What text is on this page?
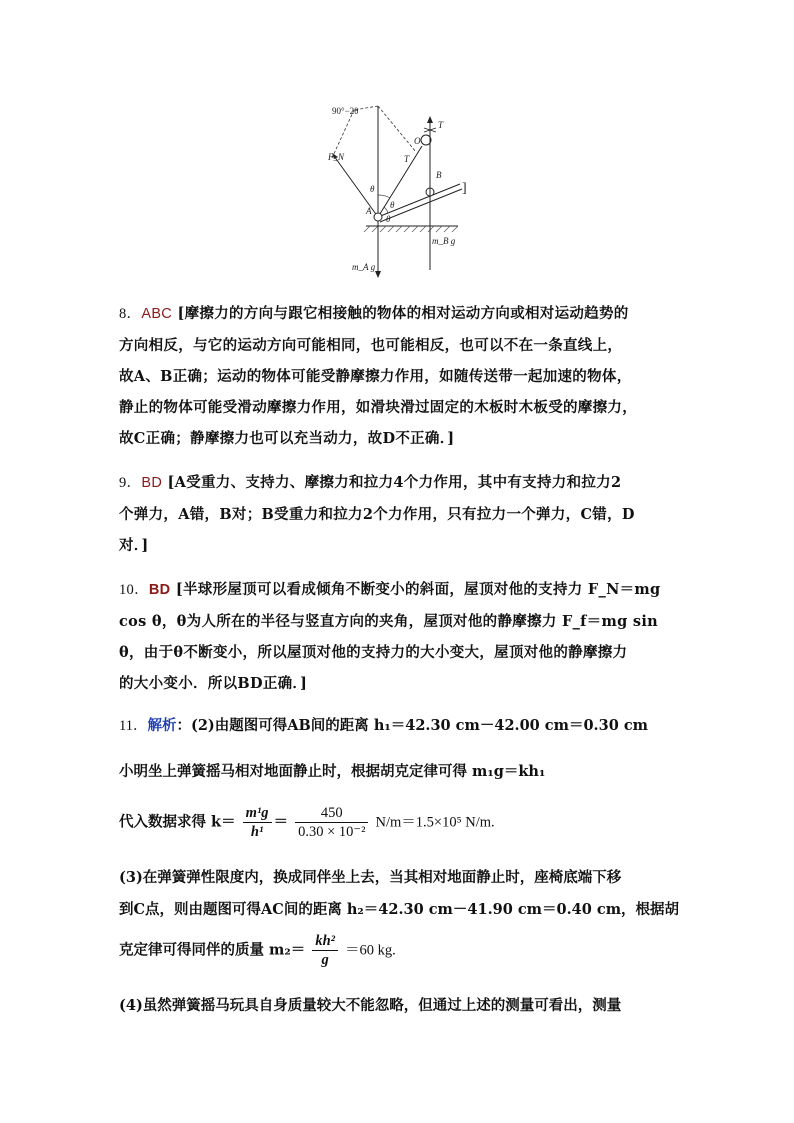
90°−2θ
F_N
T
T
O
B
A
θ
θ
θ
m_A g
m_B g
]
8．ABC [摩擦力的方向与跟它相接触的物体的相对运动方向或相对运动趋势的
方向相反，与它的运动方向可能相同，也可能相反，也可以不在一条直线上，
故A、B正确；运动的物体可能受静摩擦力作用，如随传送带一起加速的物体，
静止的物体可能受滑动摩擦力作用，如滑块滑过固定的木板时木板受的摩擦力，
故C正确；静摩擦力也可以充当动力，故D不正确．]
9．BD [A受重力、支持力、摩擦力和拉力4个力作用，其中有支持力和拉力2
个弹力，A错，B对；B受重力和拉力2个力作用，只有拉力一个弹力，C错，D
对．]
10．BD [半球形屋顶可以看成倾角不断变小的斜面，屋顶对他的支持力 F_N＝mg
cos θ，θ为人所在的半径与竖直方向的夹角，屋顶对他的静摩擦力 F_f＝mg sin
θ，由于θ不断变小，所以屋顶对他的支持力的大小变大，屋顶对他的静摩擦力
的大小变小．所以BD正确．]
11．解析：(2)由题图可得AB间的距离 h₁＝42.30 cm－42.00 cm＝0.30 cm
小明坐上弹簧摇马相对地面静止时，根据胡克定律可得 m₁g＝kh₁
代入数据求得 $k= \frac{\text{m¹g}}{\text{h¹}} = \frac{450}{\text{0.30 × 10⁻²}} N/m=1.5\times 10^5$ N/m.
(3)在弹簧弹性限度内，换成同伴坐上去，当其相对地面静止时，座椅底端下移
到C点，则由题图可得AC间的距离 h₂＝42.30 cm－41.90 cm＝0.40 cm，根据胡
克定律可得同伴的质量 $m_2= \frac{\text{kh²}}{g} =60$ kg.
(4)虽然弹簧摇马玩具自身质量较大不能忽略，但通过上述的测量可看出，测量
